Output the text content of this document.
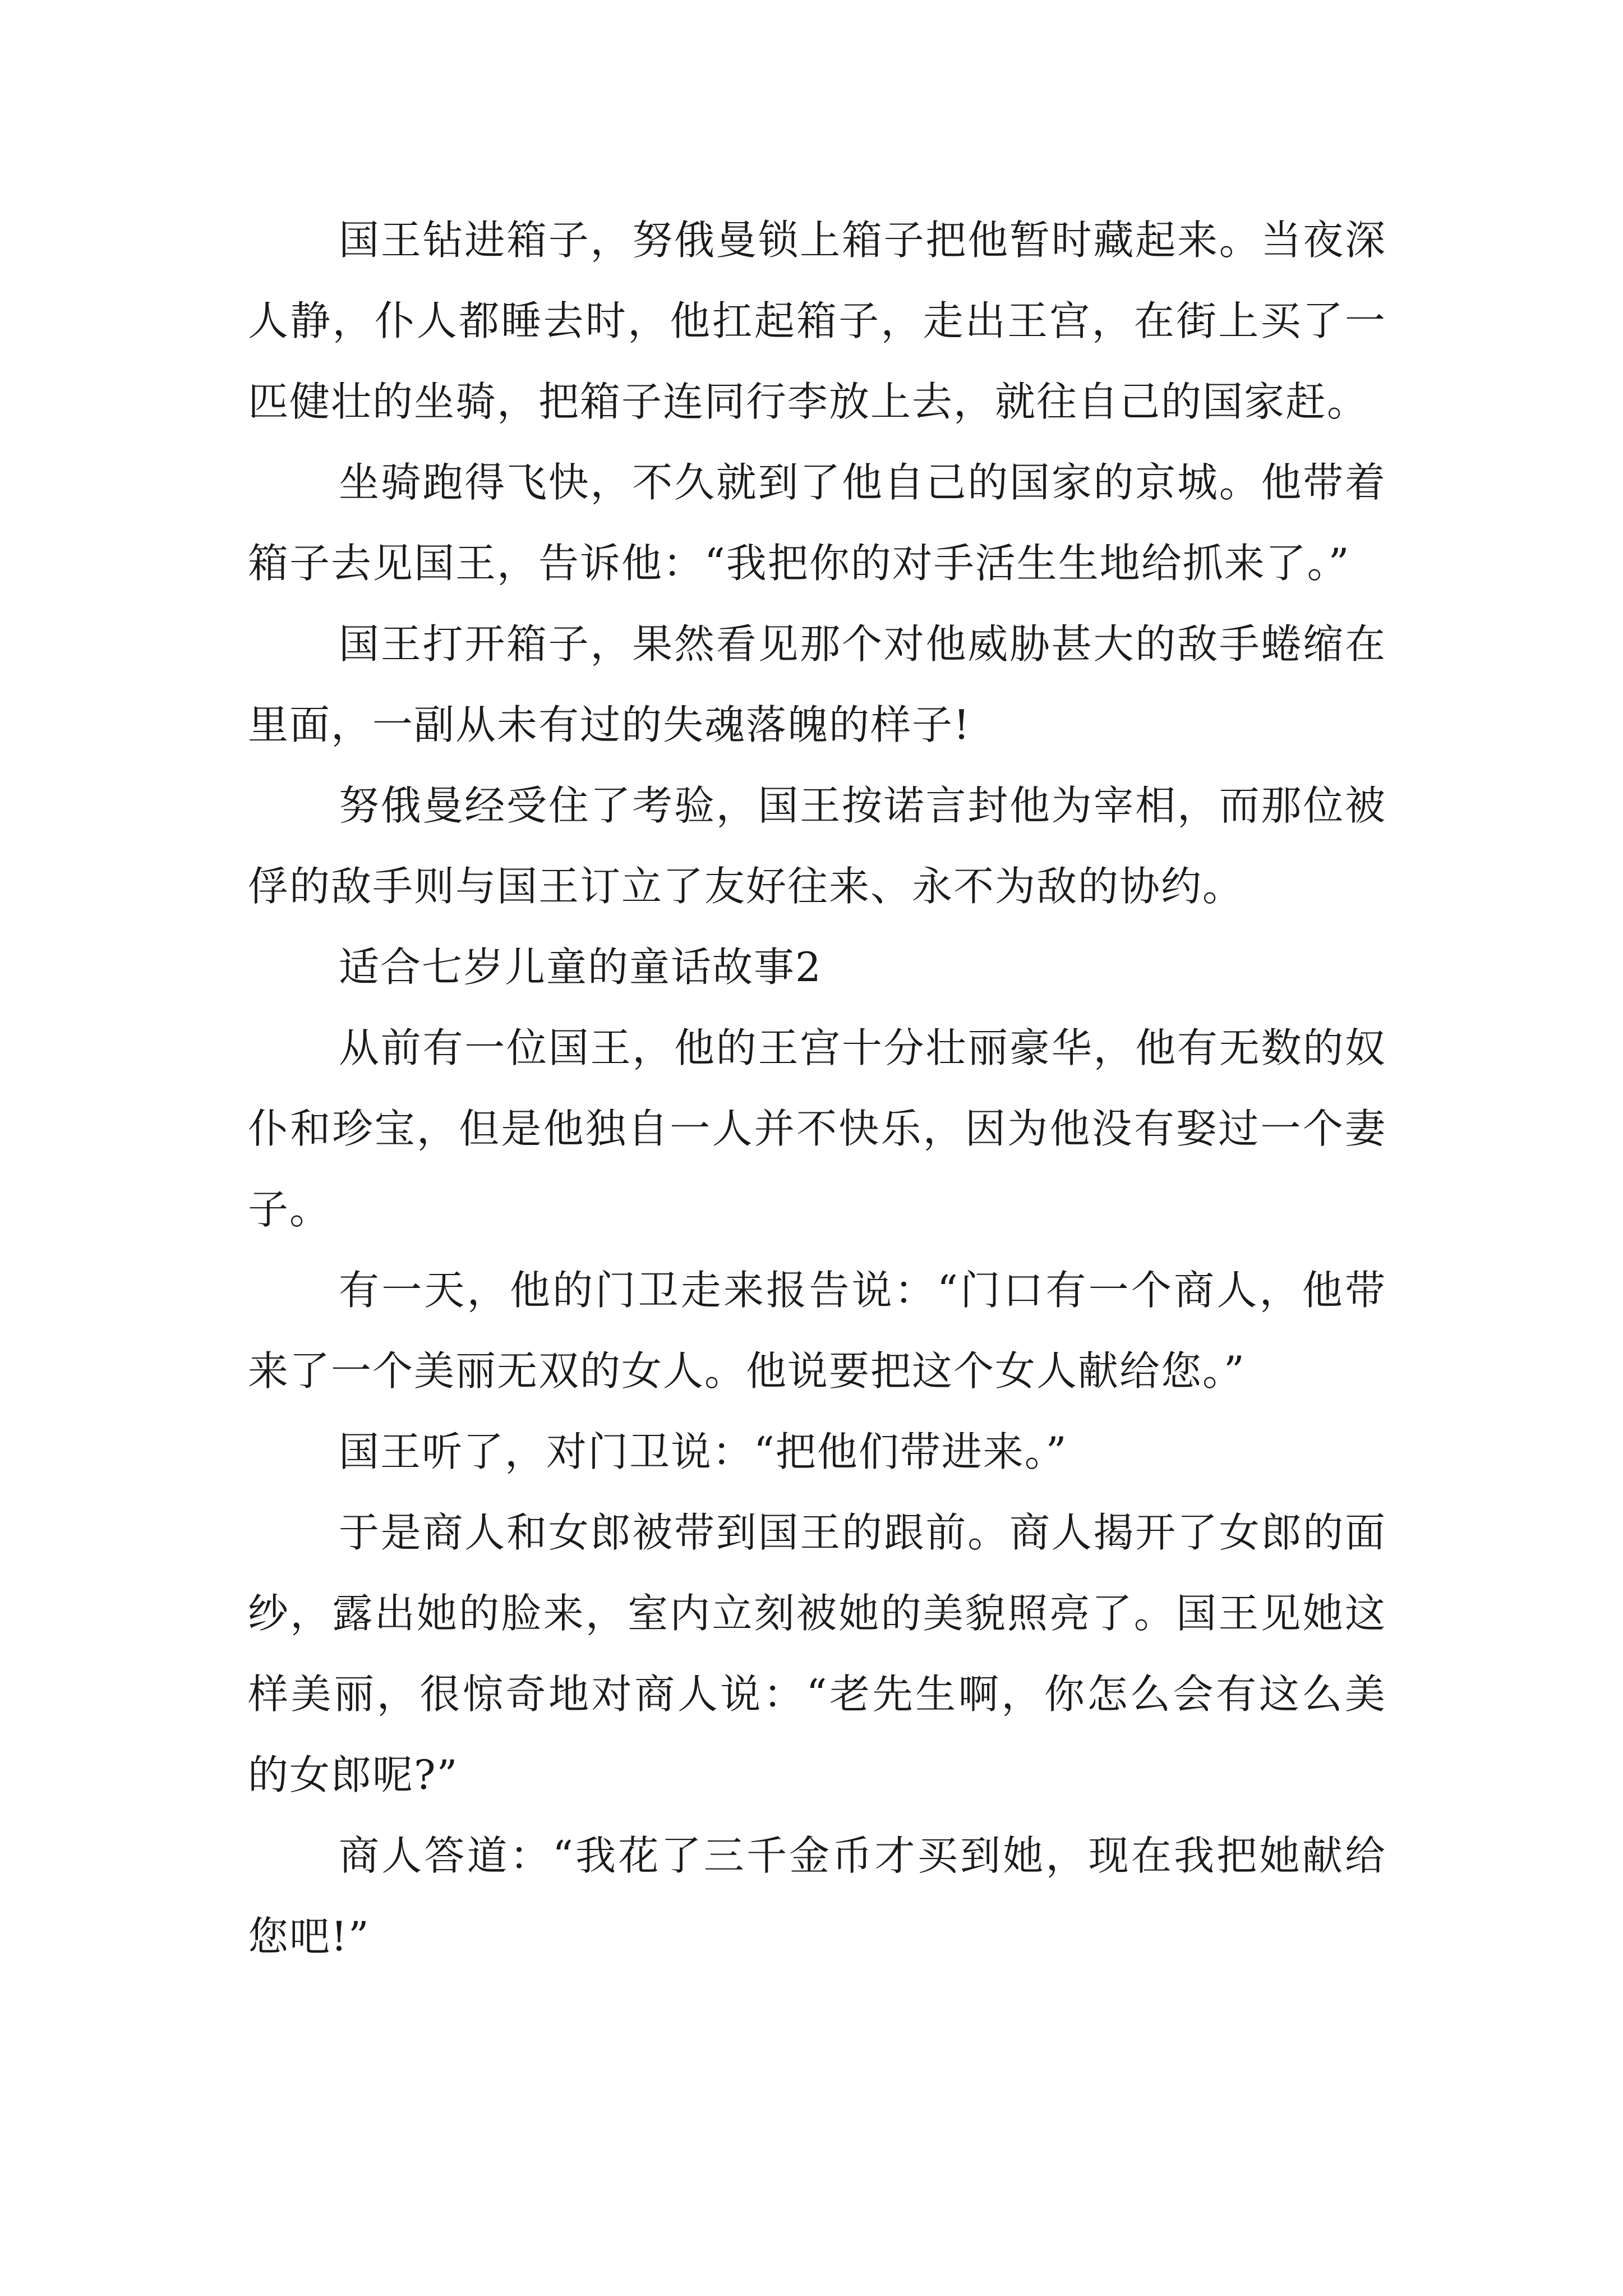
国王钻进箱子，努俄曼锁上箱子把他暂时藏起来。当夜深人静，仆人都睡去时，他扛起箱子，走出王宫，在街上买了一匹健壮的坐骑，把箱子连同行李放上去，就往自己的国家赶。

坐骑跑得飞快，不久就到了他自己的国家的京城。他带着箱子去见国王，告诉他：“我把你的对手活生生地给抓来了。”

国王打开箱子，果然看见那个对他威胁甚大的敌手蜷缩在里面，一副从未有过的失魂落魄的样子!

努俄曼经受住了考验，国王按诺言封他为宰相，而那位被俘的敌手则与国王订立了友好往来、永不为敌的协约。

适合七岁儿童的童话故事2

从前有一位国王，他的王宫十分壮丽豪华，他有无数的奴仆和珍宝，但是他独自一人并不快乐，因为他没有娶过一个妻子。

有一天，他的门卫走来报告说：“门口有一个商人，他带来了一个美丽无双的女人。他说要把这个女人献给您。”

国王听了，对门卫说：“把他们带进来。”

于是商人和女郎被带到国王的跟前。商人揭开了女郎的面纱，露出她的脸来，室内立刻被她的美貌照亮了。国王见她这样美丽，很惊奇地对商人说：“老先生啊，你怎么会有这么美的女郎呢?”

商人答道：“我花了三千金币才买到她，现在我把她献给您吧!”
